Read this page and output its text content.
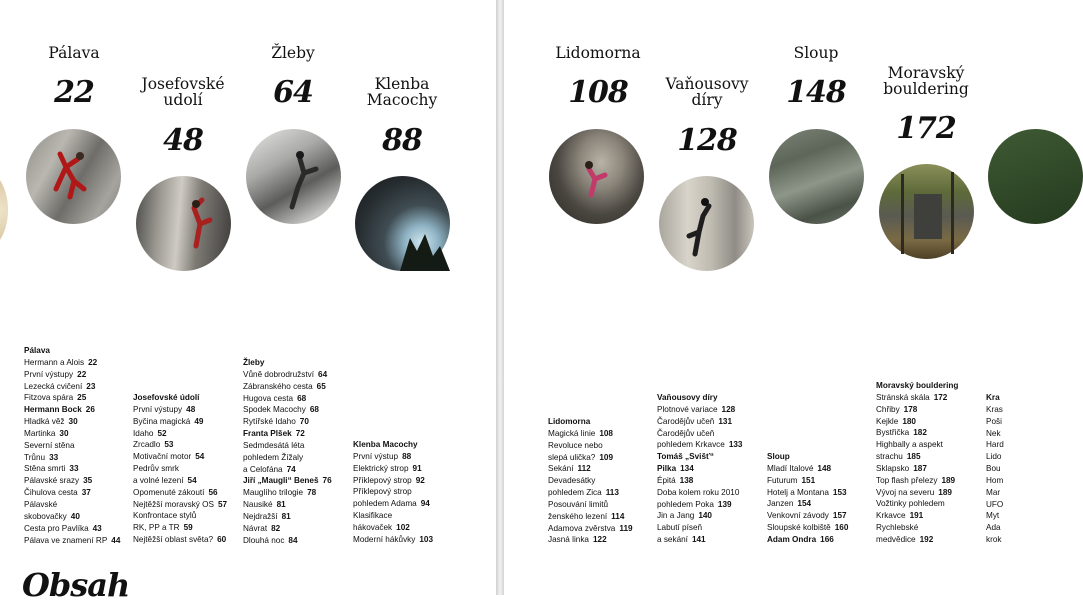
Pálava
22	Josefovské
udolí
48
Žleby
64	Klenba
Macochy
88
Pálava
Hermann a Alois 22
První výstupy 22
Lezecká cvičení 23
Fitzova spára 25
Hermann Bock 26
Hladká věž 30
Martinka 30
Severní stěna
Trůnu 33
Stěna smrti 33
Pálavské srazy 35
Čihulova cesta 37
Pálavské
skobovačky 40
Cesta pro Pavlíka 43
Pálava ve znamení RP 44
Josefovské údolí
První výstupy 48
Byčina magická 49
Idaho 52
Zrcadlo 53
Motivační motor 54
Pedrův smrk
a volné lezení 54
Opomenuté zákoutí 56
Nejtěžší moravský OS 57
Konfrontace stylů
RK, PP a TR 59
Nejtěžší oblast světa? 60
Žleby
Vůně dobrodružství 64
Zábranského cesta 65
Hugova cesta 68
Spodek Macochy 68
Rytířské Idaho 70
Franta Plšek 72
Sedmdesátá léta
pohledem Žížaly
a Celofána 74
Jiří „Maugli“ Beneš 76
Mauglího trilogie 78
Nausiké 81
Nejdražší 81
Návrat 82
Dlouhá noc 84
Klenba Macochy
První výstup 88
Elektrický strop 91
Příklepový strop 92
Příklepový strop
pohledem Adama 94
Klasifikace
hákovaček 102
Moderní hákůvky 103
Obsah
Lidomorna
108 Vaňousovy
díry
128
Sloup
148
Moravský
bouldering
172
Lidomorna
Magická linie 108
Revoluce nebo
slepá ulička? 109
Sekání 112
Devadesátky
pohledem Zica 113
Posouvání limitů
ženského lezení 114
Adamova zvěrstva 119
Jasná linka 122
Vaňousovy díry
Plotnové variace 128
Čarodějův učeň 131
Čarodějův učeň
pohledem Krkavce 133
Tomáš „Svišť“
Pilka 134
Épitá 138
Doba kolem roku 2010
pohledem Poka 139
Jin a Jang 140
Labutí píseň
a sekání 141
Sloup
Mladí Italové 148
Futurum 151
Hotelj a Montana 153
Janzen 154
Venkovní závody 157
Sloupské kolbiště 160
Adam Ondra 166
Moravský bouldering
Stránská skála 172
Chřiby 178
Kejkle 180
Bystřička 182
Highbally a aspekt
strachu 185
Sklapsko 187
Top flash přelezy 189
Vývoj na severu 189
Vožtinky pohledem
Krkavce 191
Rychlebské
medvědice 192
Kra
Kras
Poši
Nek
Hard
Lido
Bou
Hom
Mar
UFO
Myt
Ada
krok
